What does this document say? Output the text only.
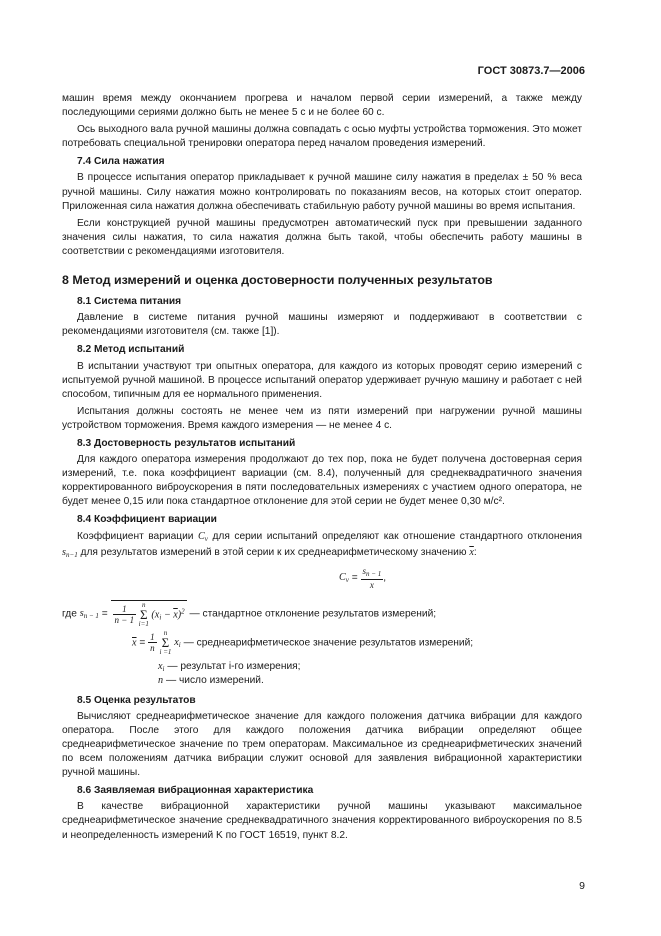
ГОСТ 30873.7—2006

машин время между окончанием прогрева и началом первой серии измерений, а также между последующими сериями должно быть не менее 5 с и не более 60 с.

Ось выходного вала ручной машины должна совпадать с осью муфты устройства торможения. Это может потребовать специальной тренировки оператора перед началом проведения измерений.

7.4 Сила нажатия

В процессе испытания оператор прикладывает к ручной машине силу нажатия в пределах ± 50 % веса ручной машины. Силу нажатия можно контролировать по показаниям весов, на которых стоит оператор. Приложенная сила нажатия должна обеспечивать стабильную работу ручной машины во время испытания.

Если конструкцией ручной машины предусмотрен автоматический пуск при превышении заданного значения силы нажатия, то сила нажатия должна быть такой, чтобы обеспечить работу машины в соответствии с рекомендациями изготовителя.

8 Метод измерений и оценка достоверности полученных результатов
8.1 Система питания

Давление в системе питания ручной машины измеряют и поддерживают в соответствии с рекомендациями изготовителя (см. также [1]).

8.2 Метод испытаний

В испытании участвуют три опытных оператора, для каждого из которых проводят серию измерений с испытуемой ручной машиной. В процессе испытаний оператор удерживает ручную машину и работает с ней способом, типичным для ее нормального применения.

Испытания должны состоять не менее чем из пяти измерений при нагружении ручной машины устройством торможения. Время каждого измерения — не менее 4 с.

8.3 Достоверность результатов испытаний

Для каждого оператора измерения продолжают до тех пор, пока не будет получена достоверная серия измерений, т.е. пока коэффициент вариации (см. 8.4), полученный для среднеквадратичного значения корректированного виброускорения в пяти последовательных измерениях с участием одного оператора, не будет менее 0,15 или пока стандартное отклонение для этой серии не будет менее 0,30 м/с².

8.4 Коэффициент вариации

Коэффициент вариации $C_v$ для серии испытаний определяют как отношение стандартного отклонения $s_{n-1}$ для результатов измерений в этой серии к их среднеарифметическому значению $\overline{x}$:

$C_v = \frac{s_{n - 1}}{x}$ ,
где $s_{n - 1} = \frac{1}{n - 1}$ n
Σ
i=1 $(x_i - \overline{x})^2$ — стандартное отклонение результатов измерений;
$\overline{x} = \frac{1}{n}$ n
Σ
i =1 $x_i$ — среднеарифметическое значение результатов измерений;
$x_i$ — результат i-го измерения;
n — число измерений.
8.5 Оценка результатов

Вычисляют среднеарифметическое значение для каждого положения датчика вибрации для каждого оператора. После этого для каждого положения датчика вибрации определяют общее среднеарифметическое значение по трем операторам. Максимальное из среднеарифметических значений по всем положениям датчика вибрации служит основой для заявления вибрационной характеристики ручной машины.

8.6 Заявляемая вибрационная характеристика

В качестве вибрационной характеристики ручной машины указывают максимальное среднеарифметическое значение среднеквадратичного значения корректированного виброускорения по 8.5 и неопределенность измерений K по ГОСТ 16519, пункт 8.2.

9
